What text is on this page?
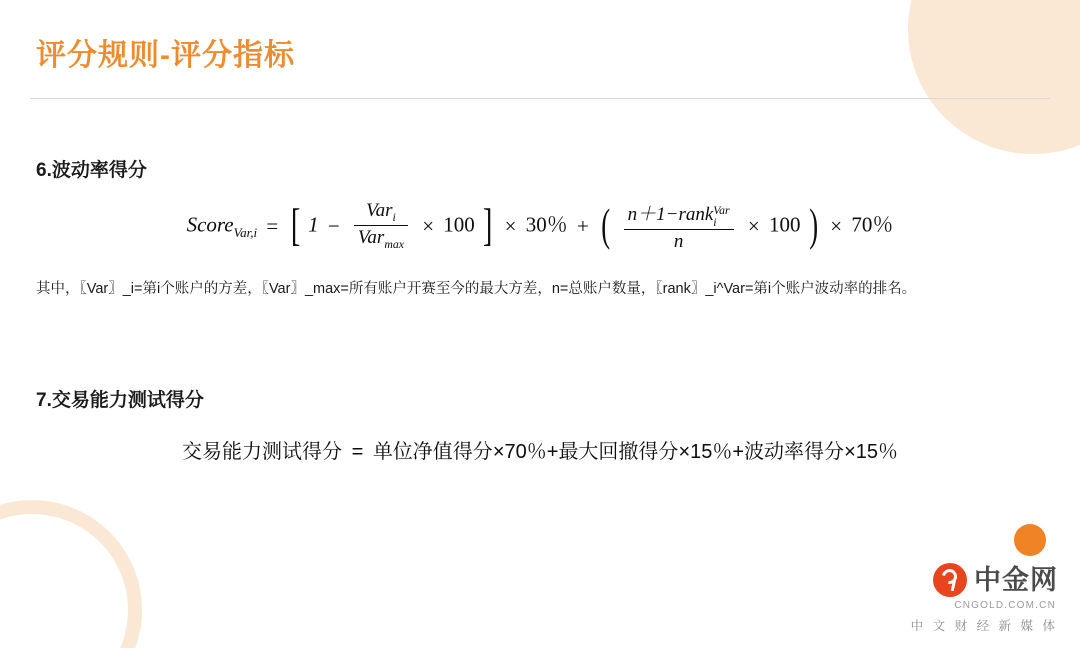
评分规则-评分指标
6.波动率得分
Score$_{Var,i}$ = [ $1 - \frac{Var_i}{Var_{max}} \times 100$ ] × 30％ + ( n＋1−rank Var
i
n × 100 ) × 70％
其中，〖Var〗_i=第i个账户的方差，〖Var〗_max=所有账户开赛至今的最大方差，n=总账户数量，〖rank〗_i^Var=第i个账户波动率的排名。
7.交易能力测试得分
交易能力测试得分 = 单位净值得分×70％+最大回撤得分×15％+波动率得分×15％
中金网
CNGOLD.COM.CN
中 文 财 经 新 媒 体
